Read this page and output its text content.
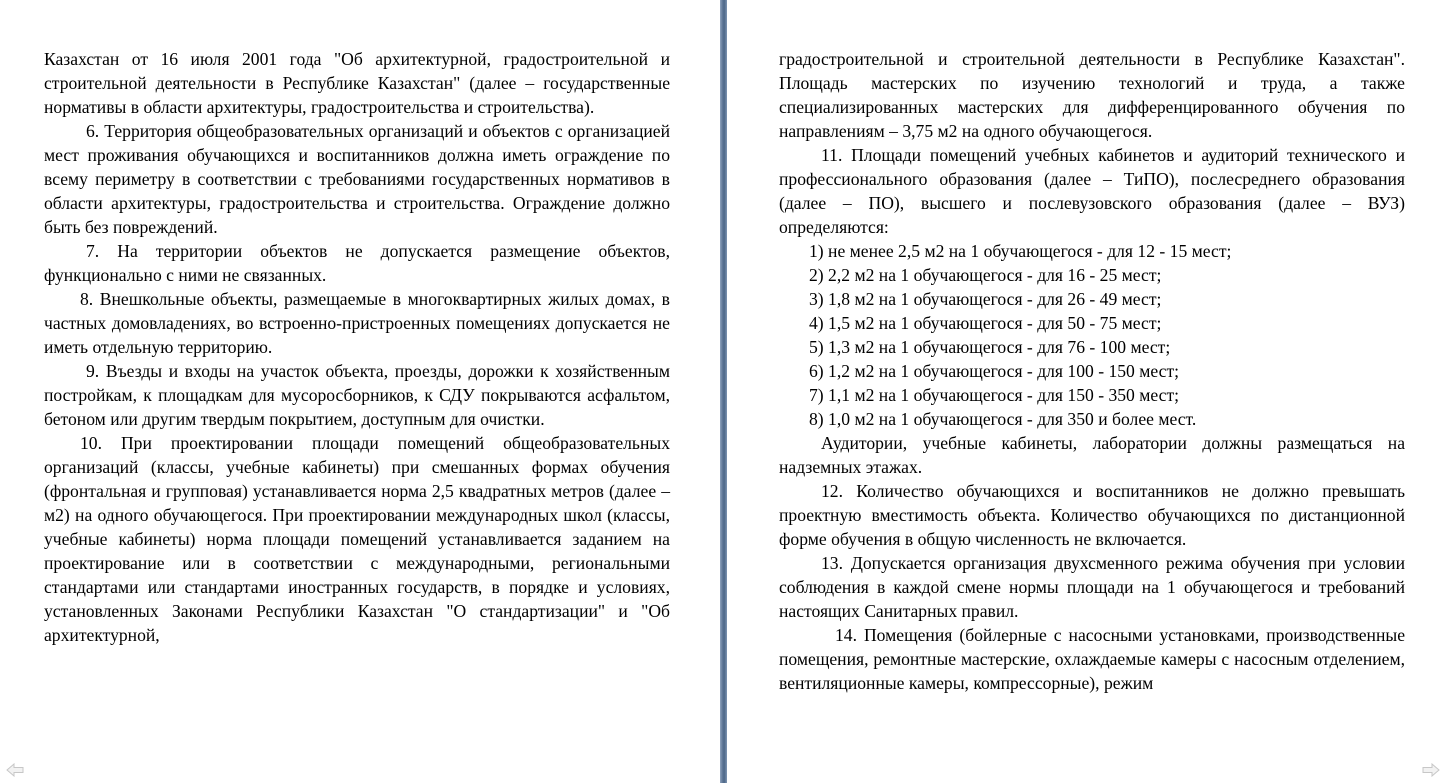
Казахстан от 16 июля 2001 года "Об архитектурной, градостроительной и строительной деятельности в Республике Казахстан" (далее – государственные нормативы в области архитектуры, градостроительства и строительства).

6. Территория общеобразовательных организаций и объектов с организацией мест проживания обучающихся и воспитанников должна иметь ограждение по всему периметру в соответствии с требованиями государственных нормативов в области архитектуры, градостроительства и строительства. Ограждение должно быть без повреждений.

7. На территории объектов не допускается размещение объектов, функционально с ними не связанных.

8. Внешкольные объекты, размещаемые в многоквартирных жилых домах, в частных домовладениях, во встроенно-пристроенных помещениях допускается не иметь отдельную территорию.

9. Въезды и входы на участок объекта, проезды, дорожки к хозяйственным постройкам, к площадкам для мусоросборников, к СДУ покрываются асфальтом, бетоном или другим твердым покрытием, доступным для очистки.

10. При проектировании площади помещений общеобразовательных организаций (классы, учебные кабинеты) при смешанных формах обучения (фронтальная и групповая) устанавливается норма 2,5 квадратных метров (далее – м2) на одного обучающегося. При проектировании международных школ (классы, учебные кабинеты) норма площади помещений устанавливается заданием на проектирование или в соответствии с международными, региональными стандартами или стандартами иностранных государств, в порядке и условиях, установленных Законами Республики Казахстан "О стандартизации" и "Об архитектурной,

градостроительной и строительной деятельности в Республике Казахстан". Площадь мастерских по изучению технологий и труда, а также специализированных мастерских для дифференцированного обучения по направлениям – 3,75 м2 на одного обучающегося.

11. Площади помещений учебных кабинетов и аудиторий технического и профессионального образования (далее – ТиПО), послесреднего образования (далее – ПО), высшего и послевузовского образования (далее – ВУЗ) определяются:

1) не менее 2,5 м2 на 1 обучающегося - для 12 - 15 мест;

2) 2,2 м2 на 1 обучающегося - для 16 - 25 мест;

3) 1,8 м2 на 1 обучающегося - для 26 - 49 мест;

4) 1,5 м2 на 1 обучающегося - для 50 - 75 мест;

5) 1,3 м2 на 1 обучающегося - для 76 - 100 мест;

6) 1,2 м2 на 1 обучающегося - для 100 - 150 мест;

7) 1,1 м2 на 1 обучающегося - для 150 - 350 мест;

8) 1,0 м2 на 1 обучающегося - для 350 и более мест.

Аудитории, учебные кабинеты, лаборатории должны размещаться на надземных этажах.

12. Количество обучающихся и воспитанников не должно превышать проектную вместимость объекта. Количество обучающихся по дистанционной форме обучения в общую численность не включается.

13. Допускается организация двухсменного режима обучения при условии соблюдения в каждой смене нормы площади на 1 обучающегося и требований настоящих Санитарных правил.

14. Помещения (бойлерные с насосными установками, производственные помещения, ремонтные мастерские, охлаждаемые камеры с насосным отделением, вентиляционные камеры, компрессорные), режим
